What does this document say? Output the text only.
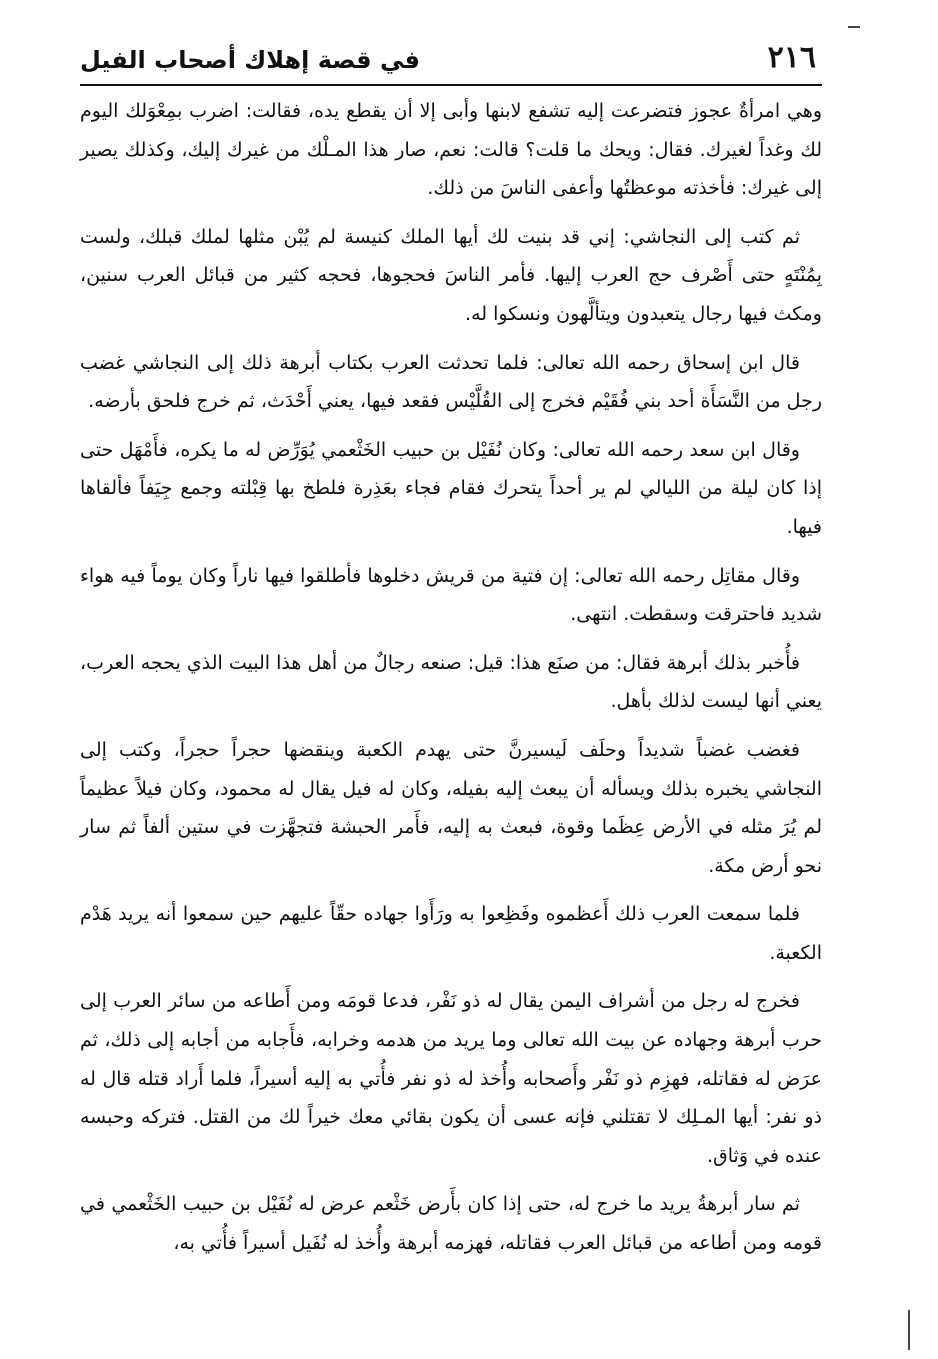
٢١٦
في قصة إهلاك أصحاب الفيل

وهي امرأةٌ عجوز فتضرعت إليه تشفع لابنها وأبى إلا أن يقطع يده، فقالت: اضرب بمِعْوَلك اليوم لك وغداً لغيرك. فقال: ويحك ما قلت؟ قالت: نعم، صار هذا المـلْك من غيرك إليك، وكذلك يصير إلى غيرك: فأخذته موعظتُها وأعفى الناسَ من ذلك.

ثم كتب إلى النجاشي: إني قد بنيت لك أيها الملك كنيسة لم يُبْن مثلها لملك قبلك، ولست بِمُنْتَهٍ حتى أَصْرف حج العرب إليها. فأمر الناسَ فحجوها، فحجه كثير من قبائل العرب سنين، ومكث فيها رجال يتعبدون ويتألَّهون ونسكوا له.

قال ابن إسحاق رحمه الله تعالى: فلما تحدثت العرب بكتاب أبرهة ذلك إلى النجاشي غضب رجل من النَّسَأَة أحد بني فُقَيْم فخرج إلى القُلَّيْس فقعد فيها، يعني أَحْدَث، ثم خرج فلحق بأرضه.

وقال ابن سعد رحمه الله تعالى: وكان نُفَيْل بن حبيب الخَثْعمي يُوَرِّض له ما يكره، فأَمْهَل حتى إذا كان ليلة من الليالي لم ير أحداً يتحرك فقام فجاء بعَذِرة فلطخ بها قِبْلته وجمع جِيَفاً فألقاها فيها.

وقال مقاتِل رحمه الله تعالى: إن فتية من قريش دخلوها فأطلقوا فيها ناراً وكان يوماً فيه هواء شديد فاحترقت وسقطت. انتهى.

فأُخبر بذلك أبرهة فقال: من صنَع هذا: قيل: صنعه رجالٌ من أهل هذا البيت الذي يحجه العرب، يعني أنها ليست لذلك بأهل.

فغضب غضباً شديداً وحلَف لَيسيرنَّ حتى يهدم الكعبة وينقضها حجراً حجراً، وكتب إلى النجاشي يخبره بذلك ويسأله أن يبعث إليه بفيله، وكان له فيل يقال له محمود، وكان فيلاً عظيماً لم يُرَ مثله في الأرض عِظَما وقوة، فبعث به إليه، فأَمر الحبشة فتجهَّزت في ستين ألفاً ثم سار نحو أرض مكة.

فلما سمعت العرب ذلك أَعظموه وفَظِعوا به ورَأَوا جهاده حقّاً عليهم حين سمعوا أنه يريد هَدْم الكعبة.

فخرج له رجل من أشراف اليمن يقال له ذو نَفْر، فدعا قومَه ومن أَطاعه من سائر العرب إلى حرب أبرهة وجهاده عن بيت الله تعالى وما يريد من هدمه وخرابه، فأَجابه من أجابه إلى ذلك، ثم عرَض له فقاتله، فهزِم ذو نَفْر وأَصحابه وأُخذ له ذو نفر فأُتي به إليه أسيراً، فلما أَراد قتله قال له ذو نفر: أيها المـلِك لا تقتلني فإنه عسى أن يكون بقائي معك خيراً لك من القتل. فتركه وحبسه عنده في وَثاق.

ثم سار أبرهةُ يريد ما خرج له، حتى إذا كان بأَرض خَثْعم عرض له نُفَيْل بن حبيب الخَثْعمي في قومه ومن أطاعه من قبائل العرب فقاتله، فهزمه أبرهة وأُخذ له نُفَيل أسيراً فأُتي به،
